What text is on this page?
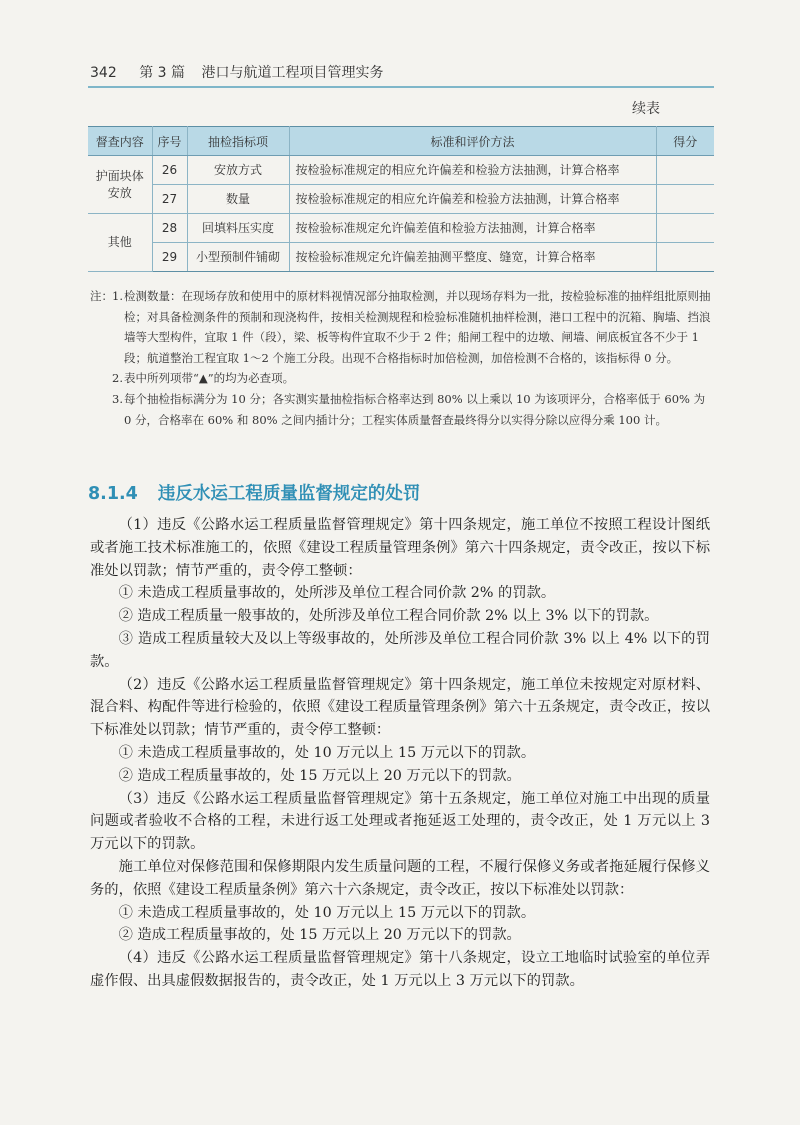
342 第 3 篇 港口与航道工程项目管理实务
续表
督查内容	序号	抽检指标项	标准和评价方法	得分
护面块体安放	26	安放方式	按检验标准规定的相应允许偏差和检验方法抽测，计算合格率	
	27	数量	按检验标准规定的相应允许偏差和检验方法抽测，计算合格率	
其他	28	回填料压实度	按检验标准规定允许偏差值和检验方法抽测，计算合格率	
	29	小型预制件铺砌	按检验标准规定允许偏差抽测平整度、缝宽，计算合格率	
注： 1. 检测数量：在现场存放和使用中的原材料视情况部分抽取检测，并以现场存料为一批，按检验标准的抽样组批原则抽检；对具备检测条件的预制和现浇构件，按相关检测规程和检验标准随机抽样检测，港口工程中的沉箱、胸墙、挡浪墙等大型构件，宜取 1 件（段），梁、板等构件宜取不少于 2 件；船闸工程中的边墩、闸墙、闸底板宜各不少于 1 段；航道整治工程宜取 1～2 个施工分段。出现不合格指标时加倍检测，加倍检测不合格的，该指标得 0 分。
2. 表中所列项带“▲”的均为必查项。
3. 每个抽检指标满分为 10 分；各实测实量抽检指标合格率达到 80% 以上乘以 10 为该项评分，合格率低于 60% 为 0 分，合格率在 60% 和 80% 之间内插计分；工程实体质量督查最终得分以实得分除以应得分乘 100 计。
8.1.4 违反水运工程质量监督规定的处罚

（1）违反《公路水运工程质量监督管理规定》第十四条规定，施工单位不按照工程设计图纸或者施工技术标准施工的，依照《建设工程质量管理条例》第六十四条规定，责令改正，按以下标准处以罚款；情节严重的，责令停工整顿：

① 未造成工程质量事故的，处所涉及单位工程合同价款 2% 的罚款。

② 造成工程质量一般事故的，处所涉及单位工程合同价款 2% 以上 3% 以下的罚款。

③ 造成工程质量较大及以上等级事故的，处所涉及单位工程合同价款 3% 以上 4% 以下的罚款。

（2）违反《公路水运工程质量监督管理规定》第十四条规定，施工单位未按规定对原材料、混合料、构配件等进行检验的，依照《建设工程质量管理条例》第六十五条规定，责令改正，按以下标准处以罚款；情节严重的，责令停工整顿：

① 未造成工程质量事故的，处 10 万元以上 15 万元以下的罚款。

② 造成工程质量事故的，处 15 万元以上 20 万元以下的罚款。

（3）违反《公路水运工程质量监督管理规定》第十五条规定，施工单位对施工中出现的质量问题或者验收不合格的工程，未进行返工处理或者拖延返工处理的，责令改正，处 1 万元以上 3 万元以下的罚款。

施工单位对保修范围和保修期限内发生质量问题的工程，不履行保修义务或者拖延履行保修义务的，依照《建设工程质量条例》第六十六条规定，责令改正，按以下标准处以罚款：

① 未造成工程质量事故的，处 10 万元以上 15 万元以下的罚款。

② 造成工程质量事故的，处 15 万元以上 20 万元以下的罚款。

（4）违反《公路水运工程质量监督管理规定》第十八条规定，设立工地临时试验室的单位弄虚作假、出具虚假数据报告的，责令改正，处 1 万元以上 3 万元以下的罚款。
